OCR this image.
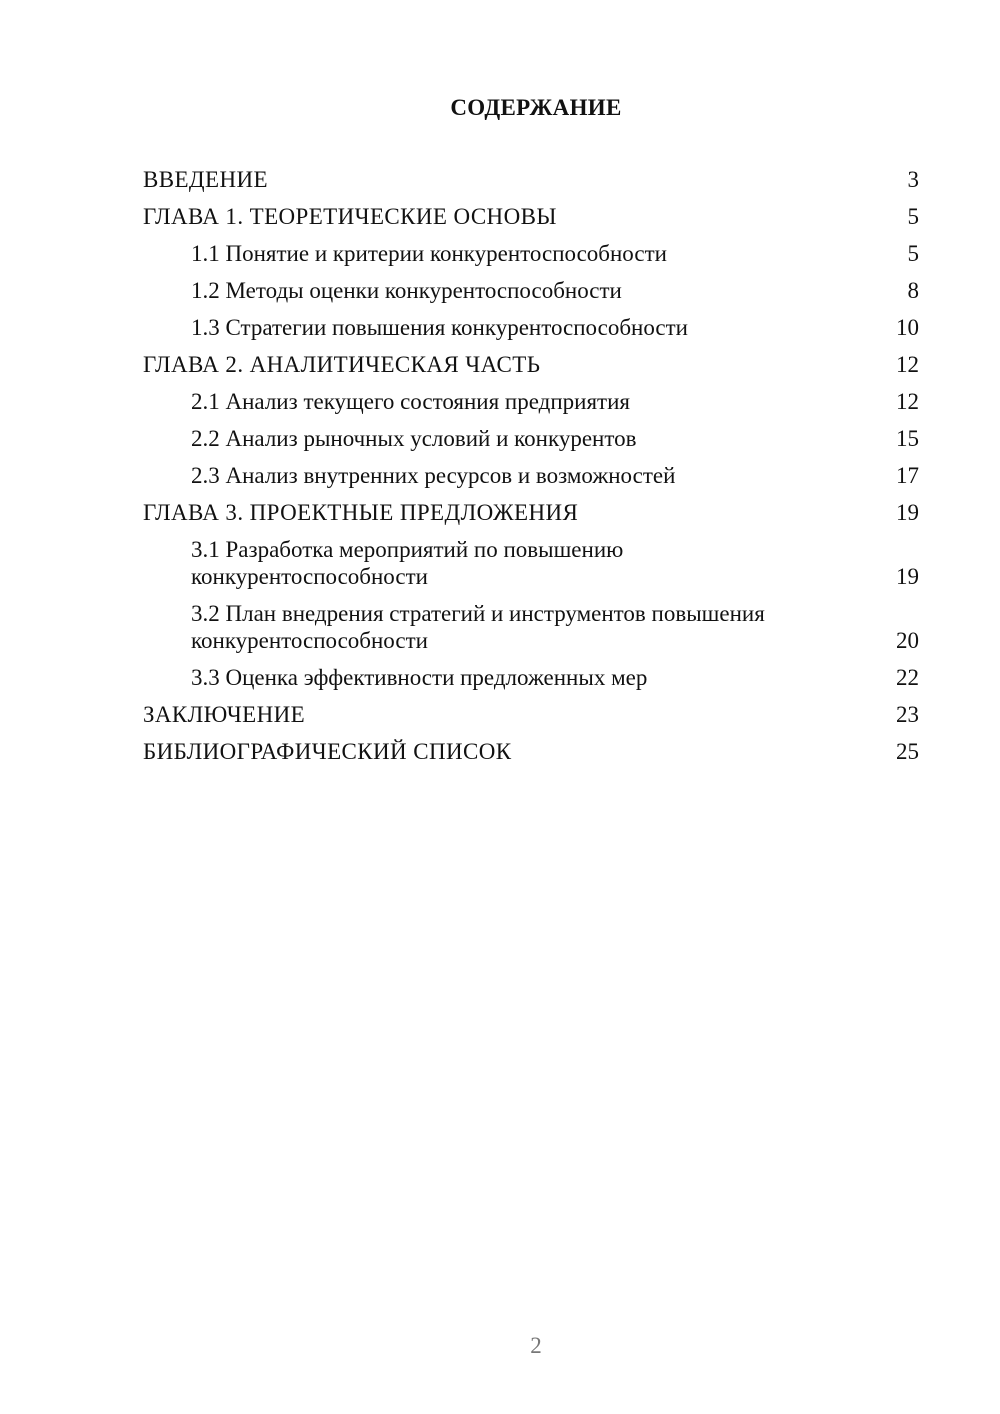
СОДЕРЖАНИЕ
ВВЕДЕНИЕ	3
ГЛАВА 1. ТЕОРЕТИЧЕСКИЕ ОСНОВЫ	5
1.1 Понятие и критерии конкурентоспособности	5
1.2 Методы оценки конкурентоспособности	8
1.3 Стратегии повышения конкурентоспособности	10
ГЛАВА 2. АНАЛИТИЧЕСКАЯ ЧАСТЬ	12
2.1 Анализ текущего состояния предприятия	12
2.2 Анализ рыночных условий и конкурентов	15
2.3 Анализ внутренних ресурсов и возможностей	17
ГЛАВА 3. ПРОЕКТНЫЕ ПРЕДЛОЖЕНИЯ	19
3.1 Разработка мероприятий по повышению
конкурентоспособности	19
3.2 План внедрения стратегий и инструментов повышения
конкурентоспособности	20
3.3 Оценка эффективности предложенных мер	22
ЗАКЛЮЧЕНИЕ	23
БИБЛИОГРАФИЧЕСКИЙ СПИСОК	25
2
